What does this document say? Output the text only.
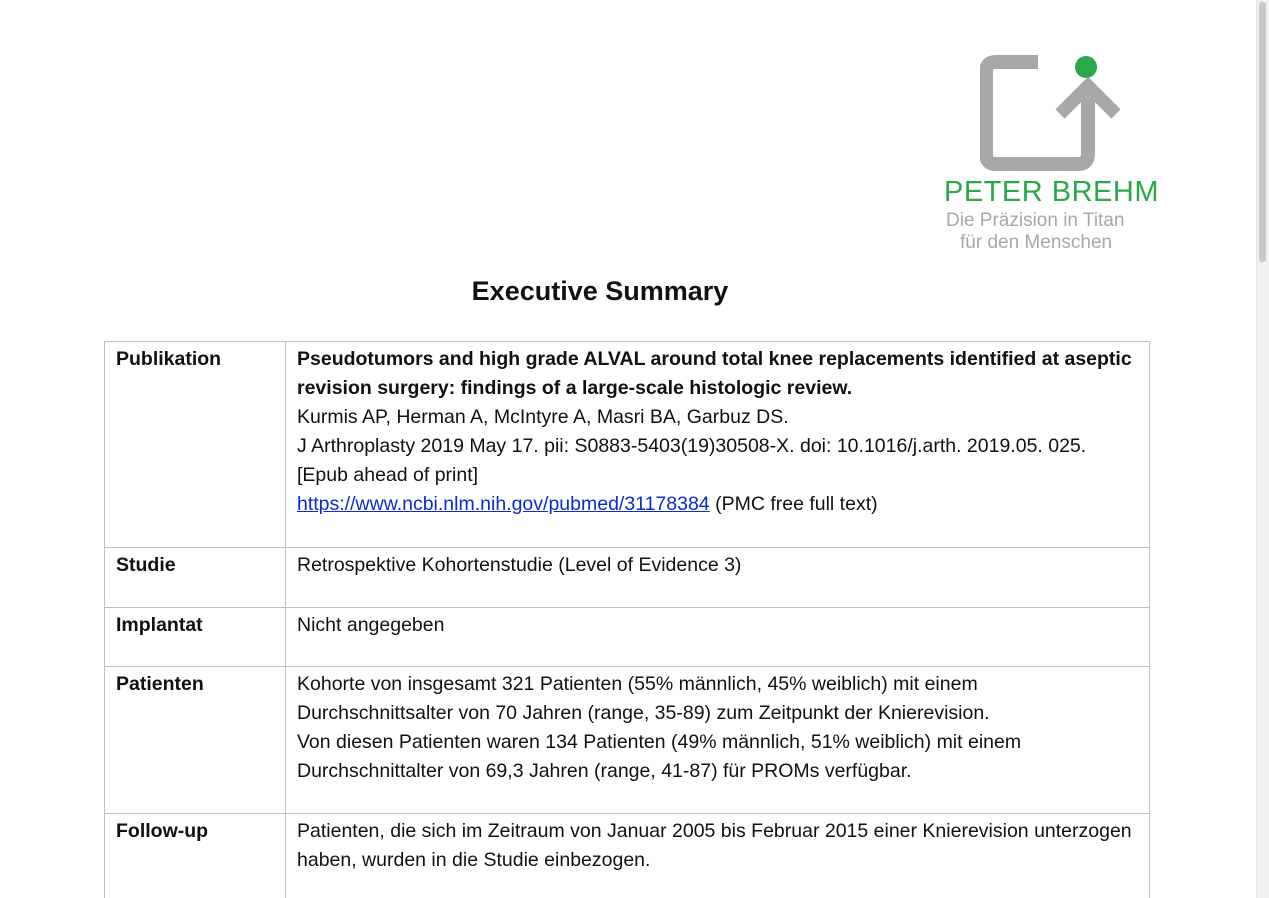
PETER BREHM
Die Präzision in Titan
für den Menschen
Executive Summary
Publikation	Pseudotumors and high grade ALVAL around total knee replacements identified at aseptic revision surgery: findings of a large-scale histologic review.
Kurmis AP, Herman A, McIntyre A, Masri BA, Garbuz DS.
J Arthroplasty 2019 May 17. pii: S0883-5403(19)30508-X. doi: 10.1016/j.arth. 2019.05. 025. [Epub ahead of print]
https://www.ncbi.nlm.nih.gov/pubmed/31178384 (PMC free full text)

Studie	Retrospektive Kohortenstudie (Level of Evidence 3)
Implantat	Nicht angegeben
Patienten	Kohorte von insgesamt 321 Patienten (55% männlich, 45% weiblich) mit einem Durchschnittsalter von 70 Jahren (range, 35-89) zum Zeitpunkt der Knierevision.
Von diesen Patienten waren 134 Patienten (49% männlich, 51% weiblich) mit einem Durchschnittalter von 69,3 Jahren (range, 41-87) für PROMs verfügbar.

Follow-up	Patienten, die sich im Zeitraum von Januar 2005 bis Februar 2015 einer Knierevision unterzogen haben, wurden in die Studie einbezogen.
